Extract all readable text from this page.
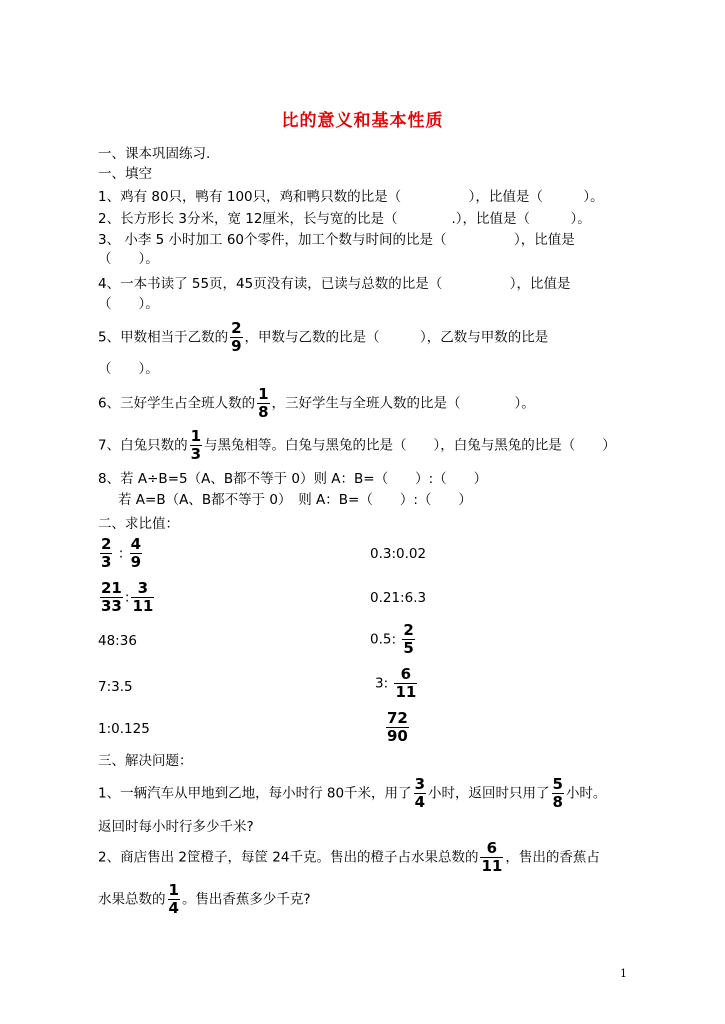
比的意义和基本性质
一、课本巩固练习.
一、填空
1、鸡有 80只，鸭有 100只，鸡和鸭只数的比是（　　　　　），比值是（　　　）。
2、长方形长 3分米，宽 12厘米，长与宽的比是（　　　　.），比值是（　　　）。
3、 小李 5 小时加工 60个零件，加工个数与时间的比是（　　　　　），比值是
（　　）。
4、一本书读了 55页，45页没有读，已读与总数的比是（　　　　　），比值是
（　　）。
5、甲数相当于乙数的 $\frac{2}{9}$ ，甲数与乙数的比是（　　　），乙数与甲数的比是
（　　）。
6、三好学生占全班人数的 $\frac{1}{8}$ ，三好学生与全班人数的比是（　　　　）。
7、白兔只数的 $\frac{1}{3}$ 与黑兔相等。白兔与黑兔的比是（　　），白兔与黑兔的比是（　　）
8、若 A÷B=5（A、B都不等于 0）则 A：B=（　　）:（　　）
若 A=B（A、B都不等于 0）　则 A：B=（　　）:（　　）
二、求比值：
$\frac{2}{3}$ : $\frac{4}{9}$	0.3:0.02
$\frac{21}{33}$ : $\frac{3}{11}$	0.21:6.3
48:36	0.5: $\frac{2}{5}$
7:3.5	3: $\frac{6}{11}$
1:0.125	$\frac{72}{90}$
三、解决问题：
1、一辆汽车从甲地到乙地，每小时行 80千米，用了 $\frac{3}{4}$ 小时，返回时只用了 $\frac{5}{8}$ 小时。
返回时每小时行多少千米?
2、商店售出 2筐橙子，每筐 24千克。售出的橙子占水果总数的 $\frac{6}{11}$ ，售出的香蕉占
水果总数的 $\frac{1}{4}$ 。售出香蕉多少千克?
1
